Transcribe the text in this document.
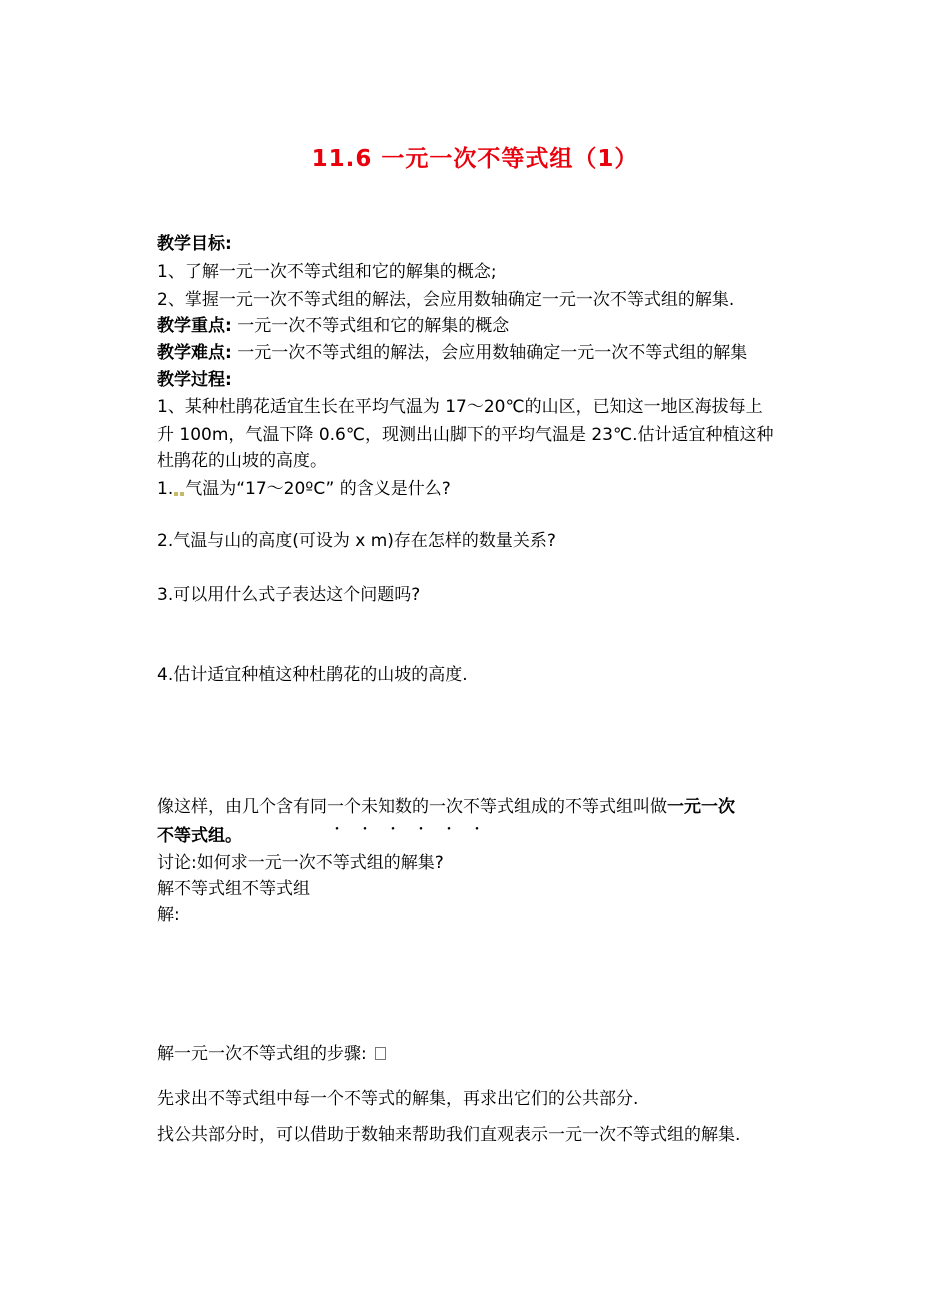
11.6 一元一次不等式组（1）
教学目标:
1、了解一元一次不等式组和它的解集的概念;
2、掌握一元一次不等式组的解法，会应用数轴确定一元一次不等式组的解集.
教学重点: 一元一次不等式组和它的解集的概念
教学难点: 一元一次不等式组的解法，会应用数轴确定一元一次不等式组的解集
教学过程:
1、某种杜鹃花适宜生长在平均气温为 17～20℃的山区，已知这一地区海拔每上
升 100m，气温下降 0.6℃，现测出山脚下的平均气温是 23℃.估计适宜种植这种
杜鹃花的山坡的高度。
1. 气温为“17～20ºC” 的含义是什么?
2.气温与山的高度(可设为 x m)存在怎样的数量关系?
3.可以用什么式子表达这个问题吗?
4.估计适宜种植这种杜鹃花的山坡的高度.
像这样，由几个含有同一个未知数的一次不等式组成的不等式组叫做一元一次
・・・・・・
不等式组。
讨论:如何求一元一次不等式组的解集?
解不等式组不等式组
解:
解一元一次不等式组的步骤:
先求出不等式组中每一个不等式的解集，再求出它们的公共部分.
找公共部分时，可以借助于数轴来帮助我们直观表示一元一次不等式组的解集.
